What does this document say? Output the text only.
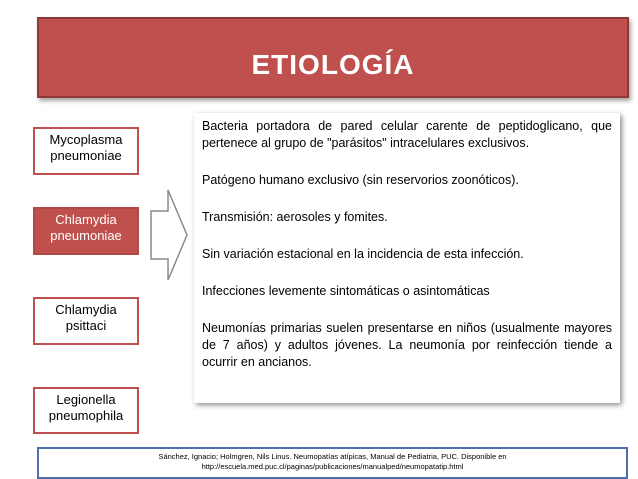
ETIOLOGÍA
Mycoplasma
pneumoniae
Chlamydia
pneumoniae
Chlamydia
psittaci
Legionella
pneumophila

Bacteria portadora de pared celular carente de peptidoglicano, que pertenece al grupo de "parásitos" intracelulares exclusivos.

Patógeno humano exclusivo (sin reservorios zoonóticos).

Transmisión: aerosoles y fomites.

Sin variación estacional en la incidencia de esta infección.

Infecciones levemente sintomáticas o asintomáticas

Neumonías primarias suelen presentarse en niños (usualmente mayores de 7 años) y adultos jóvenes. La neumonía por reinfección tiende a ocurrir en ancianos.

Sánchez, Ignacio; Holmgren, Nils Linus. Neumopatías atípicas, Manual de Pediatria, PUC. Disponible en http://escuela.med.puc.cl/paginas/publicaciones/manualped/neumopatatip.html
